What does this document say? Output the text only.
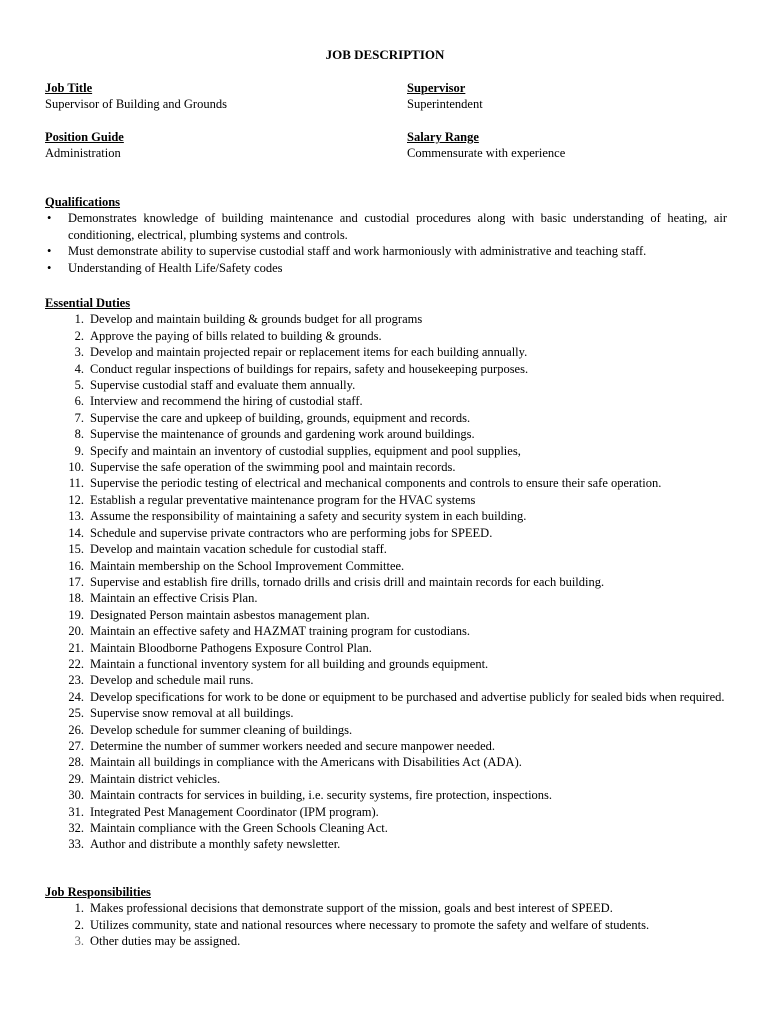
JOB DESCRIPTION
Job Title
Supervisor of Building and Grounds
Supervisor
Superintendent
Position Guide
Administration
Salary Range
Commensurate with experience
Qualifications
• Demonstrates knowledge of building maintenance and custodial procedures along with basic understanding of heating, air conditioning, electrical, plumbing systems and controls.
• Must demonstrate ability to supervise custodial staff and work harmoniously with administrative and teaching staff.
• Understanding of Health Life/Safety codes
Essential Duties
1. Develop and maintain building & grounds budget for all programs
2. Approve the paying of bills related to building & grounds.
3. Develop and maintain projected repair or replacement items for each building annually.
4. Conduct regular inspections of buildings for repairs, safety and housekeeping purposes.
5. Supervise custodial staff and evaluate them annually.
6. Interview and recommend the hiring of custodial staff.
7. Supervise the care and upkeep of building, grounds, equipment and records.
8. Supervise the maintenance of grounds and gardening work around buildings.
9. Specify and maintain an inventory of custodial supplies, equipment and pool supplies,
10. Supervise the safe operation of the swimming pool and maintain records.
11. Supervise the periodic testing of electrical and mechanical components and controls to ensure their safe operation.
12. Establish a regular preventative maintenance program for the HVAC systems
13. Assume the responsibility of maintaining a safety and security system in each building.
14. Schedule and supervise private contractors who are performing jobs for SPEED.
15. Develop and maintain vacation schedule for custodial staff.
16. Maintain membership on the School Improvement Committee.
17. Supervise and establish fire drills, tornado drills and crisis drill and maintain records for each building.
18. Maintain an effective Crisis Plan.
19. Designated Person maintain asbestos management plan.
20. Maintain an effective safety and HAZMAT training program for custodians.
21. Maintain Bloodborne Pathogens Exposure Control Plan.
22. Maintain a functional inventory system for all building and grounds equipment.
23. Develop and schedule mail runs.
24. Develop specifications for work to be done or equipment to be purchased and advertise publicly for sealed bids when required.
25. Supervise snow removal at all buildings.
26. Develop schedule for summer cleaning of buildings.
27. Determine the number of summer workers needed and secure manpower needed.
28. Maintain all buildings in compliance with the Americans with Disabilities Act (ADA).
29. Maintain district vehicles.
30. Maintain contracts for services in building, i.e. security systems, fire protection, inspections.
31. Integrated Pest Management Coordinator (IPM program).
32. Maintain compliance with the Green Schools Cleaning Act.
33. Author and distribute a monthly safety newsletter.
Job Responsibilities
1. Makes professional decisions that demonstrate support of the mission, goals and best interest of SPEED.
2. Utilizes community, state and national resources where necessary to promote the safety and welfare of students.
3. Other duties may be assigned.
